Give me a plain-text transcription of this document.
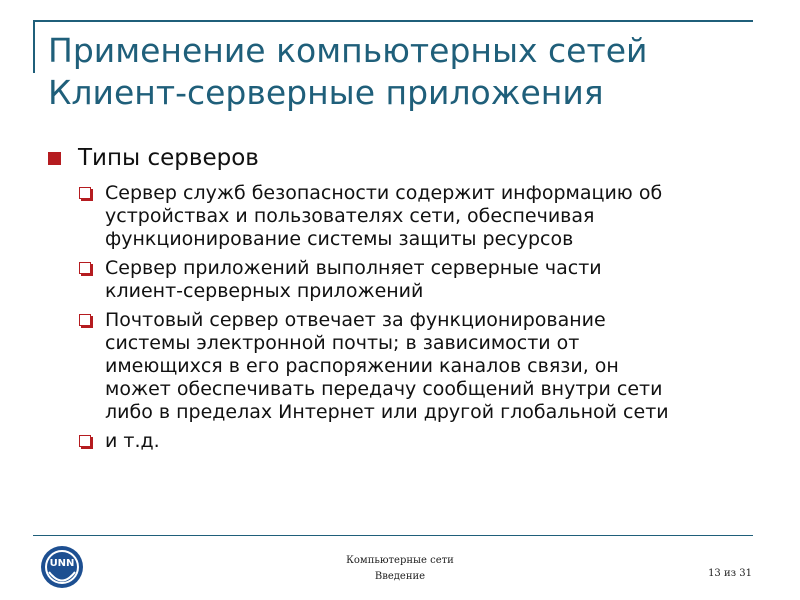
Применение компьютерных сетей
Клиент-серверные приложения
Типы серверов
Сервер служб безопасности содержит информацию об
устройствах и пользователях сети, обеспечивая
функционирование системы защиты ресурсов
Сервер приложений выполняет серверные части
клиент-серверных приложений
Почтовый сервер отвечает за функционирование
системы электронной почты; в зависимости от
имеющихся в его распоряжении каналов связи, он
может обеспечивать передачу сообщений внутри сети
либо в пределах Интернет или другой глобальной сети
и т.д.
UNN	Компьютерные сети
Введение	13 из 31
